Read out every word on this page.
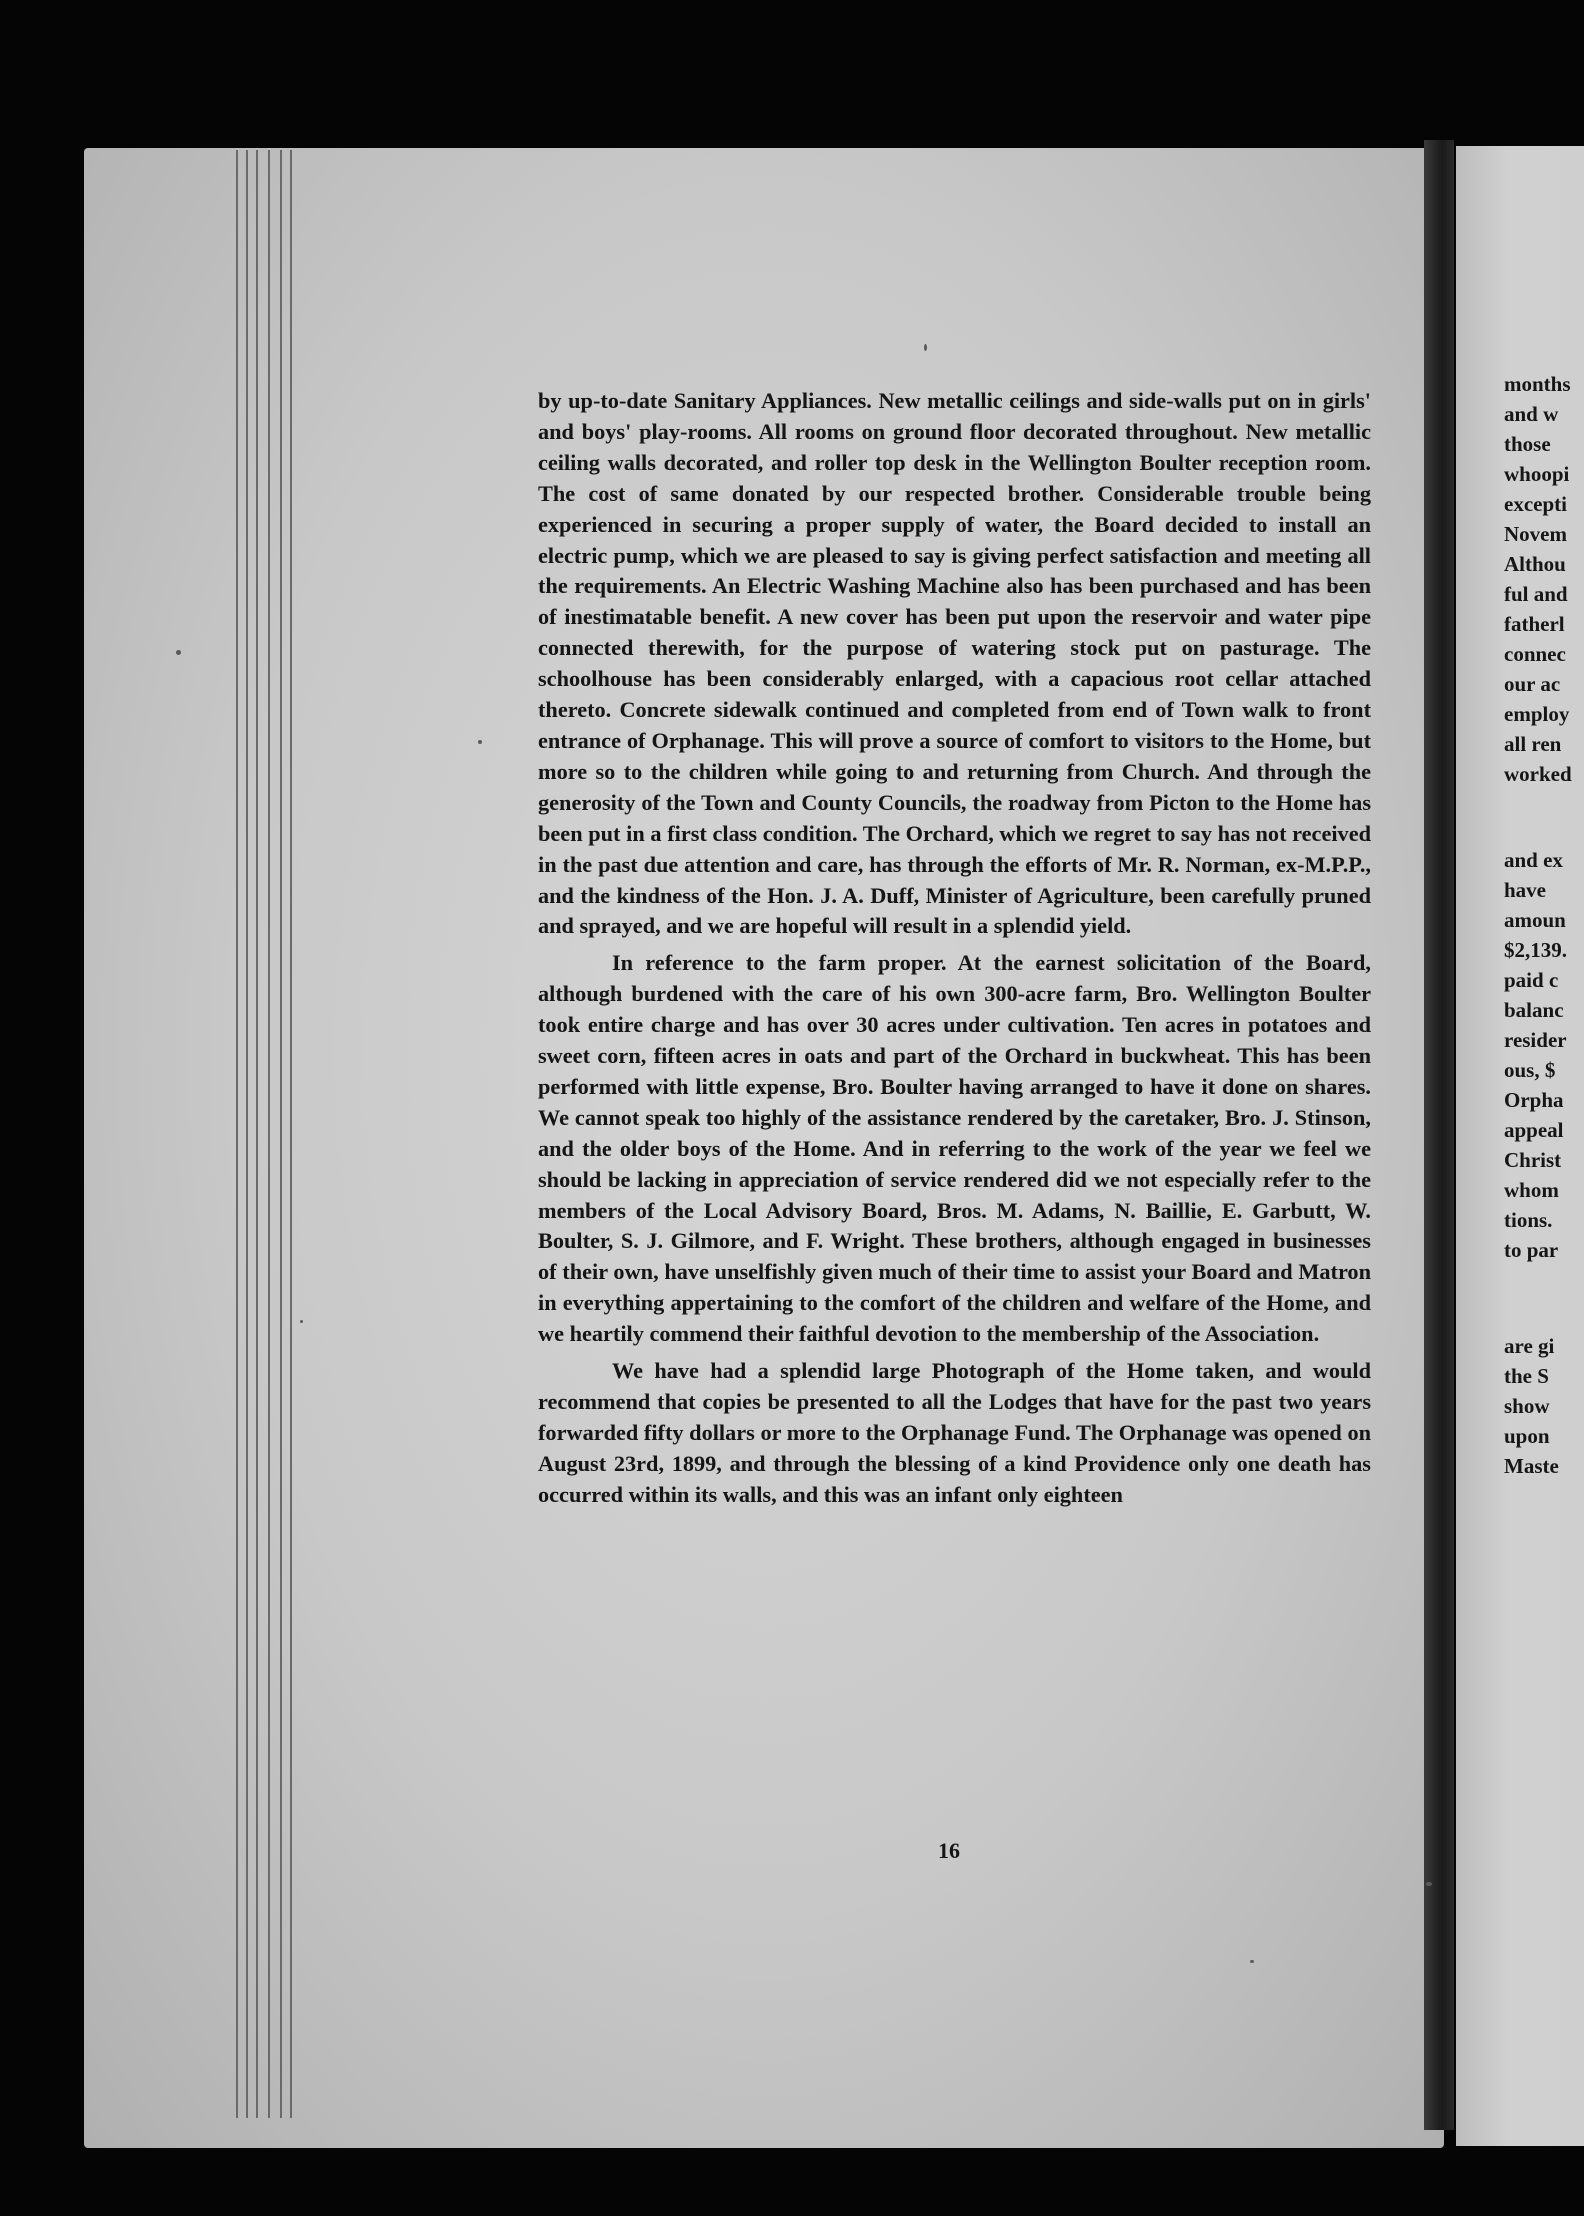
months
and w
those
whoopi
excepti
Novem
Althou
ful and
fatherl
connec
our ac
employ
all ren
worked
and ex
have
amoun
$2,139.
paid c
balanc
resider
ous, $
Orpha
appeal
Christ
whom
tions.
to par
are gi
the S
show
upon
Maste

by up-to-date Sanitary Appliances. New metallic ceilings and side-walls put on in girls' and boys' play-rooms. All rooms on ground floor decorated throughout. New metallic ceiling walls decorated, and roller top desk in the Wellington Boulter reception room. The cost of same donated by our respected brother. Considerable trouble being experienced in securing a proper supply of water, the Board decided to install an electric pump, which we are pleased to say is giving perfect satisfaction and meeting all the requirements. An Electric Washing Machine also has been purchased and has been of inestimatable benefit. A new cover has been put upon the reservoir and water pipe connected therewith, for the purpose of watering stock put on pasturage. The schoolhouse has been considerably enlarged, with a capacious root cellar attached thereto. Concrete sidewalk continued and completed from end of Town walk to front entrance of Orphanage. This will prove a source of comfort to visitors to the Home, but more so to the children while going to and returning from Church. And through the generosity of the Town and County Councils, the roadway from Picton to the Home has been put in a first class condition. The Orchard, which we regret to say has not received in the past due attention and care, has through the efforts of Mr. R. Norman, ex-M.P.P., and the kindness of the Hon. J. A. Duff, Minister of Agriculture, been carefully pruned and sprayed, and we are hopeful will result in a splendid yield.

In reference to the farm proper. At the earnest solicitation of the Board, although burdened with the care of his own 300-acre farm, Bro. Wellington Boulter took entire charge and has over 30 acres under cultivation. Ten acres in potatoes and sweet corn, fifteen acres in oats and part of the Orchard in buckwheat. This has been performed with little expense, Bro. Boulter having arranged to have it done on shares. We cannot speak too highly of the assistance rendered by the caretaker, Bro. J. Stinson, and the older boys of the Home. And in referring to the work of the year we feel we should be lacking in appreciation of service rendered did we not especially refer to the members of the Local Advisory Board, Bros. M. Adams, N. Baillie, E. Garbutt, W. Boulter, S. J. Gilmore, and F. Wright. These brothers, although engaged in businesses of their own, have unselfishly given much of their time to assist your Board and Matron in everything appertaining to the comfort of the children and welfare of the Home, and we heartily commend their faithful devotion to the membership of the Association.

We have had a splendid large Photograph of the Home taken, and would recommend that copies be presented to all the Lodges that have for the past two years forwarded fifty dollars or more to the Orphanage Fund. The Orphanage was opened on August 23rd, 1899, and through the blessing of a kind Providence only one death has occurred within its walls, and this was an infant only eighteen

16
